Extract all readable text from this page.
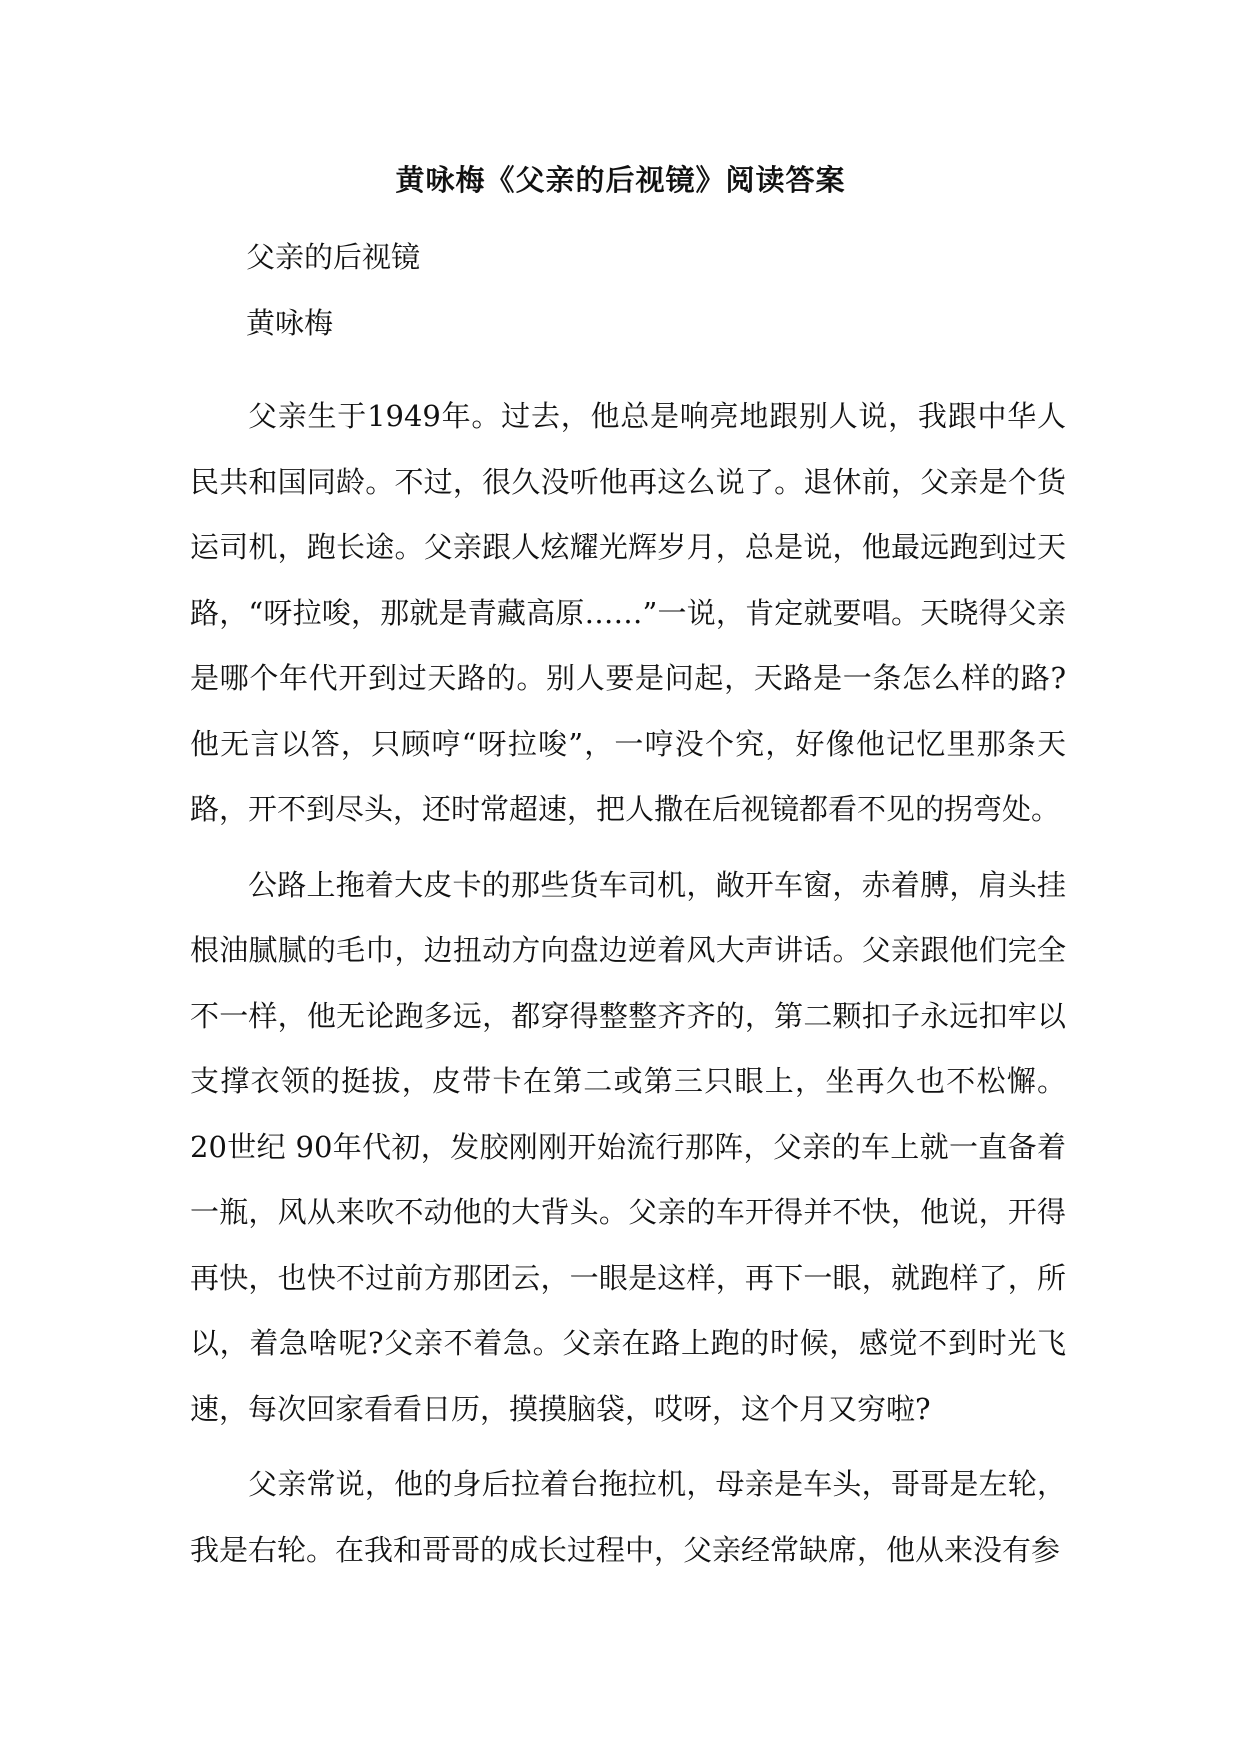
黄咏梅《父亲的后视镜》阅读答案
父亲的后视镜
黄咏梅

父亲生于1949年。过去，他总是响亮地跟别人说，我跟中华人民共和国同龄。不过，很久没听他再这么说了。退休前，父亲是个货运司机，跑长途。父亲跟人炫耀光辉岁月，总是说，他最远跑到过天路，“呀拉唆，那就是青藏高原……”一说，肯定就要唱。天晓得父亲是哪个年代开到过天路的。别人要是问起，天路是一条怎么样的路?他无言以答，只顾哼“呀拉唆”，一哼没个究，好像他记忆里那条天路，开不到尽头，还时常超速，把人撒在后视镜都看不见的拐弯处。

公路上拖着大皮卡的那些货车司机，敞开车窗，赤着膊，肩头挂根油腻腻的毛巾，边扭动方向盘边逆着风大声讲话。父亲跟他们完全不一样，他无论跑多远，都穿得整整齐齐的，第二颗扣子永远扣牢以支撑衣领的挺拔，皮带卡在第二或第三只眼上，坐再久也不松懈。20世纪 90年代初，发胶刚刚开始流行那阵，父亲的车上就一直备着一瓶，风从来吹不动他的大背头。父亲的车开得并不快，他说，开得再快，也快不过前方那团云，一眼是这样，再下一眼，就跑样了，所以，着急啥呢?父亲不着急。父亲在路上跑的时候，感觉不到时光飞速，每次回家看看日历，摸摸脑袋，哎呀，这个月又穷啦?

父亲常说，他的身后拉着台拖拉机，母亲是车头，哥哥是左轮，我是右轮。在我和哥哥的成长过程中，父亲经常缺席，他从来没有参
